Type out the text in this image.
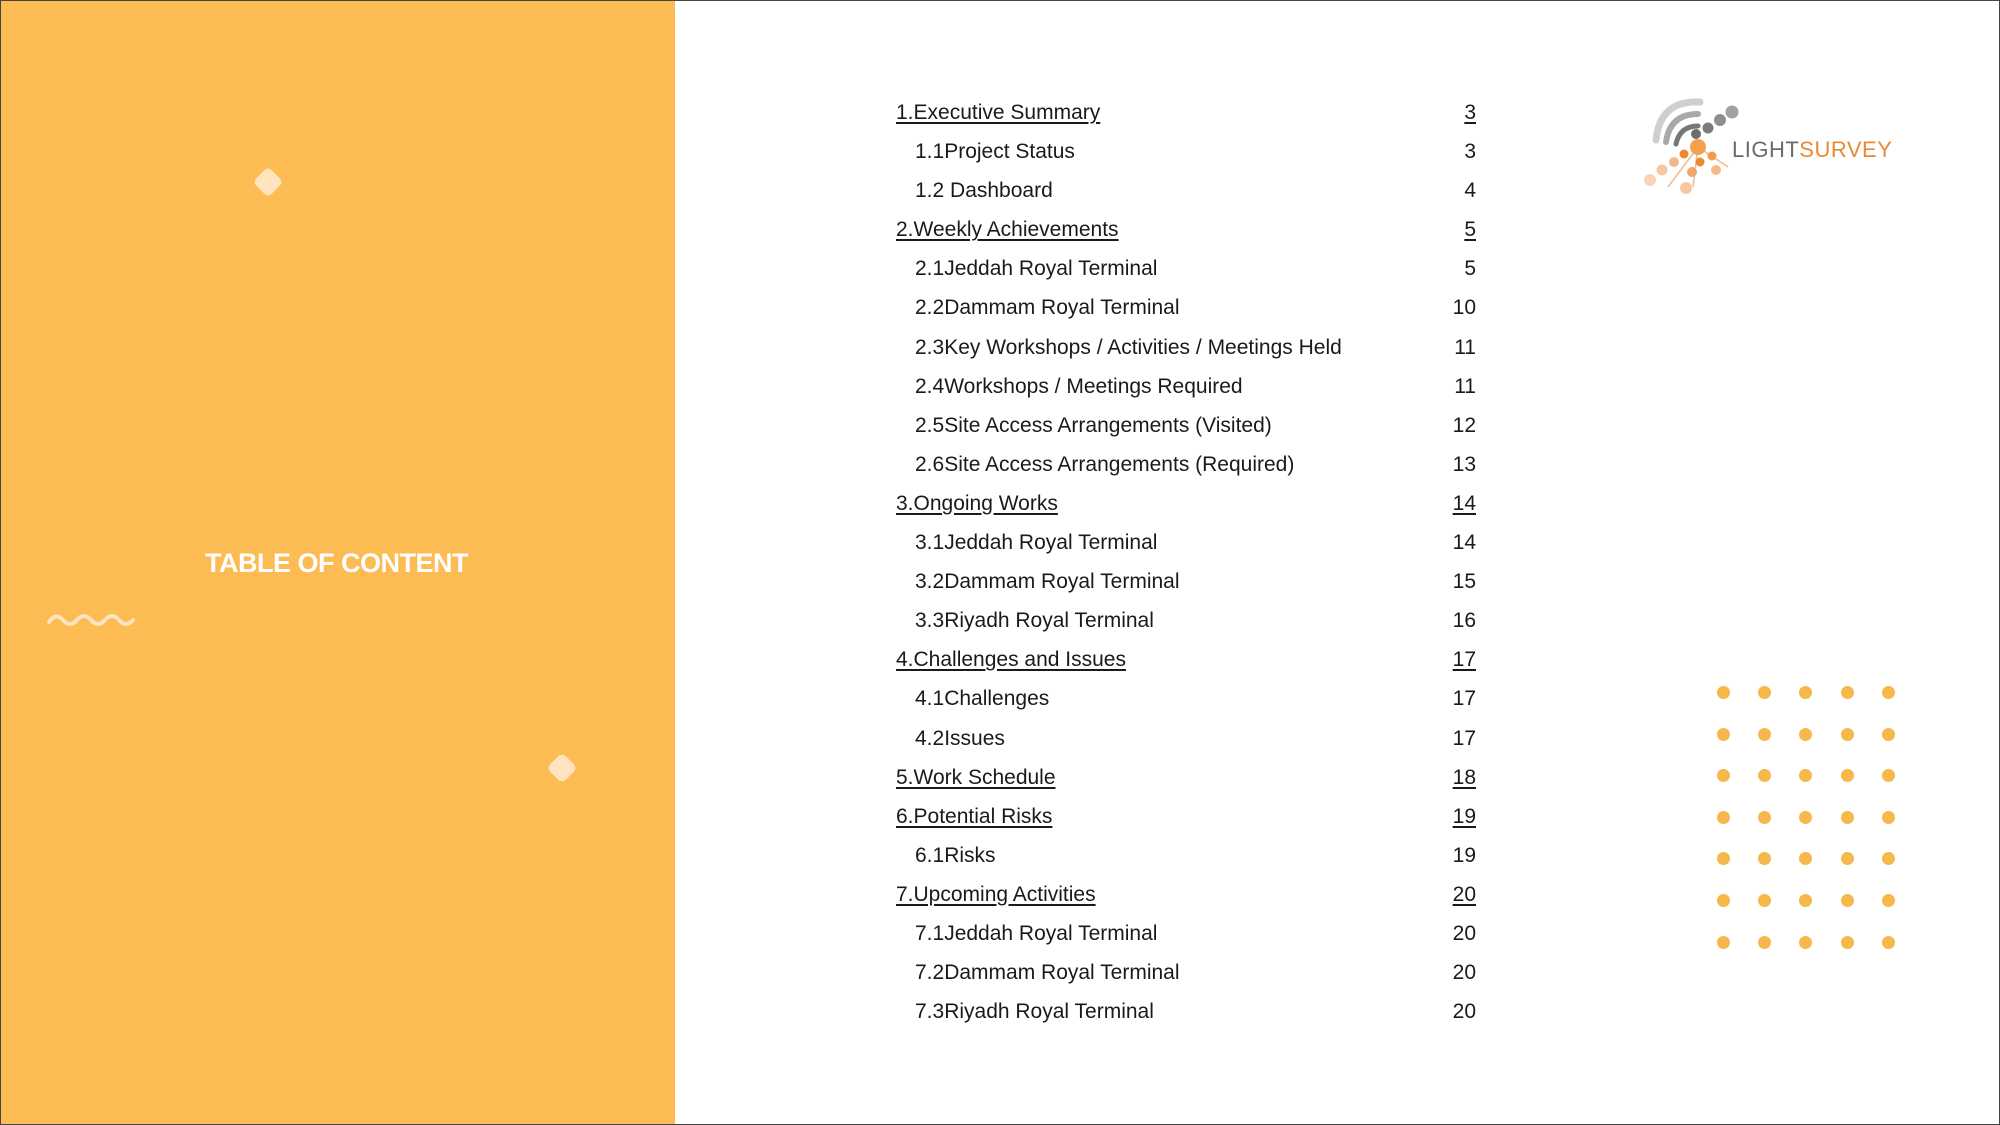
TABLE OF CONTENT
1.Executive Summary	3
1.1Project Status	3
1.2 Dashboard	4
2.Weekly Achievements	5
2.1Jeddah Royal Terminal	5
2.2Dammam Royal Terminal	10
2.3Key Workshops / Activities / Meetings Held	11
2.4Workshops / Meetings Required	11
2.5Site Access Arrangements (Visited)	12
2.6Site Access Arrangements (Required)	13
3.Ongoing Works	14
3.1Jeddah Royal Terminal	14
3.2Dammam Royal Terminal	15
3.3Riyadh Royal Terminal	16
4.Challenges and Issues	17
4.1Challenges	17
4.2Issues	17
5.Work Schedule	18
6.Potential Risks	19
6.1Risks	19
7.Upcoming Activities	20
7.1Jeddah Royal Terminal	20
7.2Dammam Royal Terminal	20
7.3Riyadh Royal Terminal	20
LIGHTSURVEY
